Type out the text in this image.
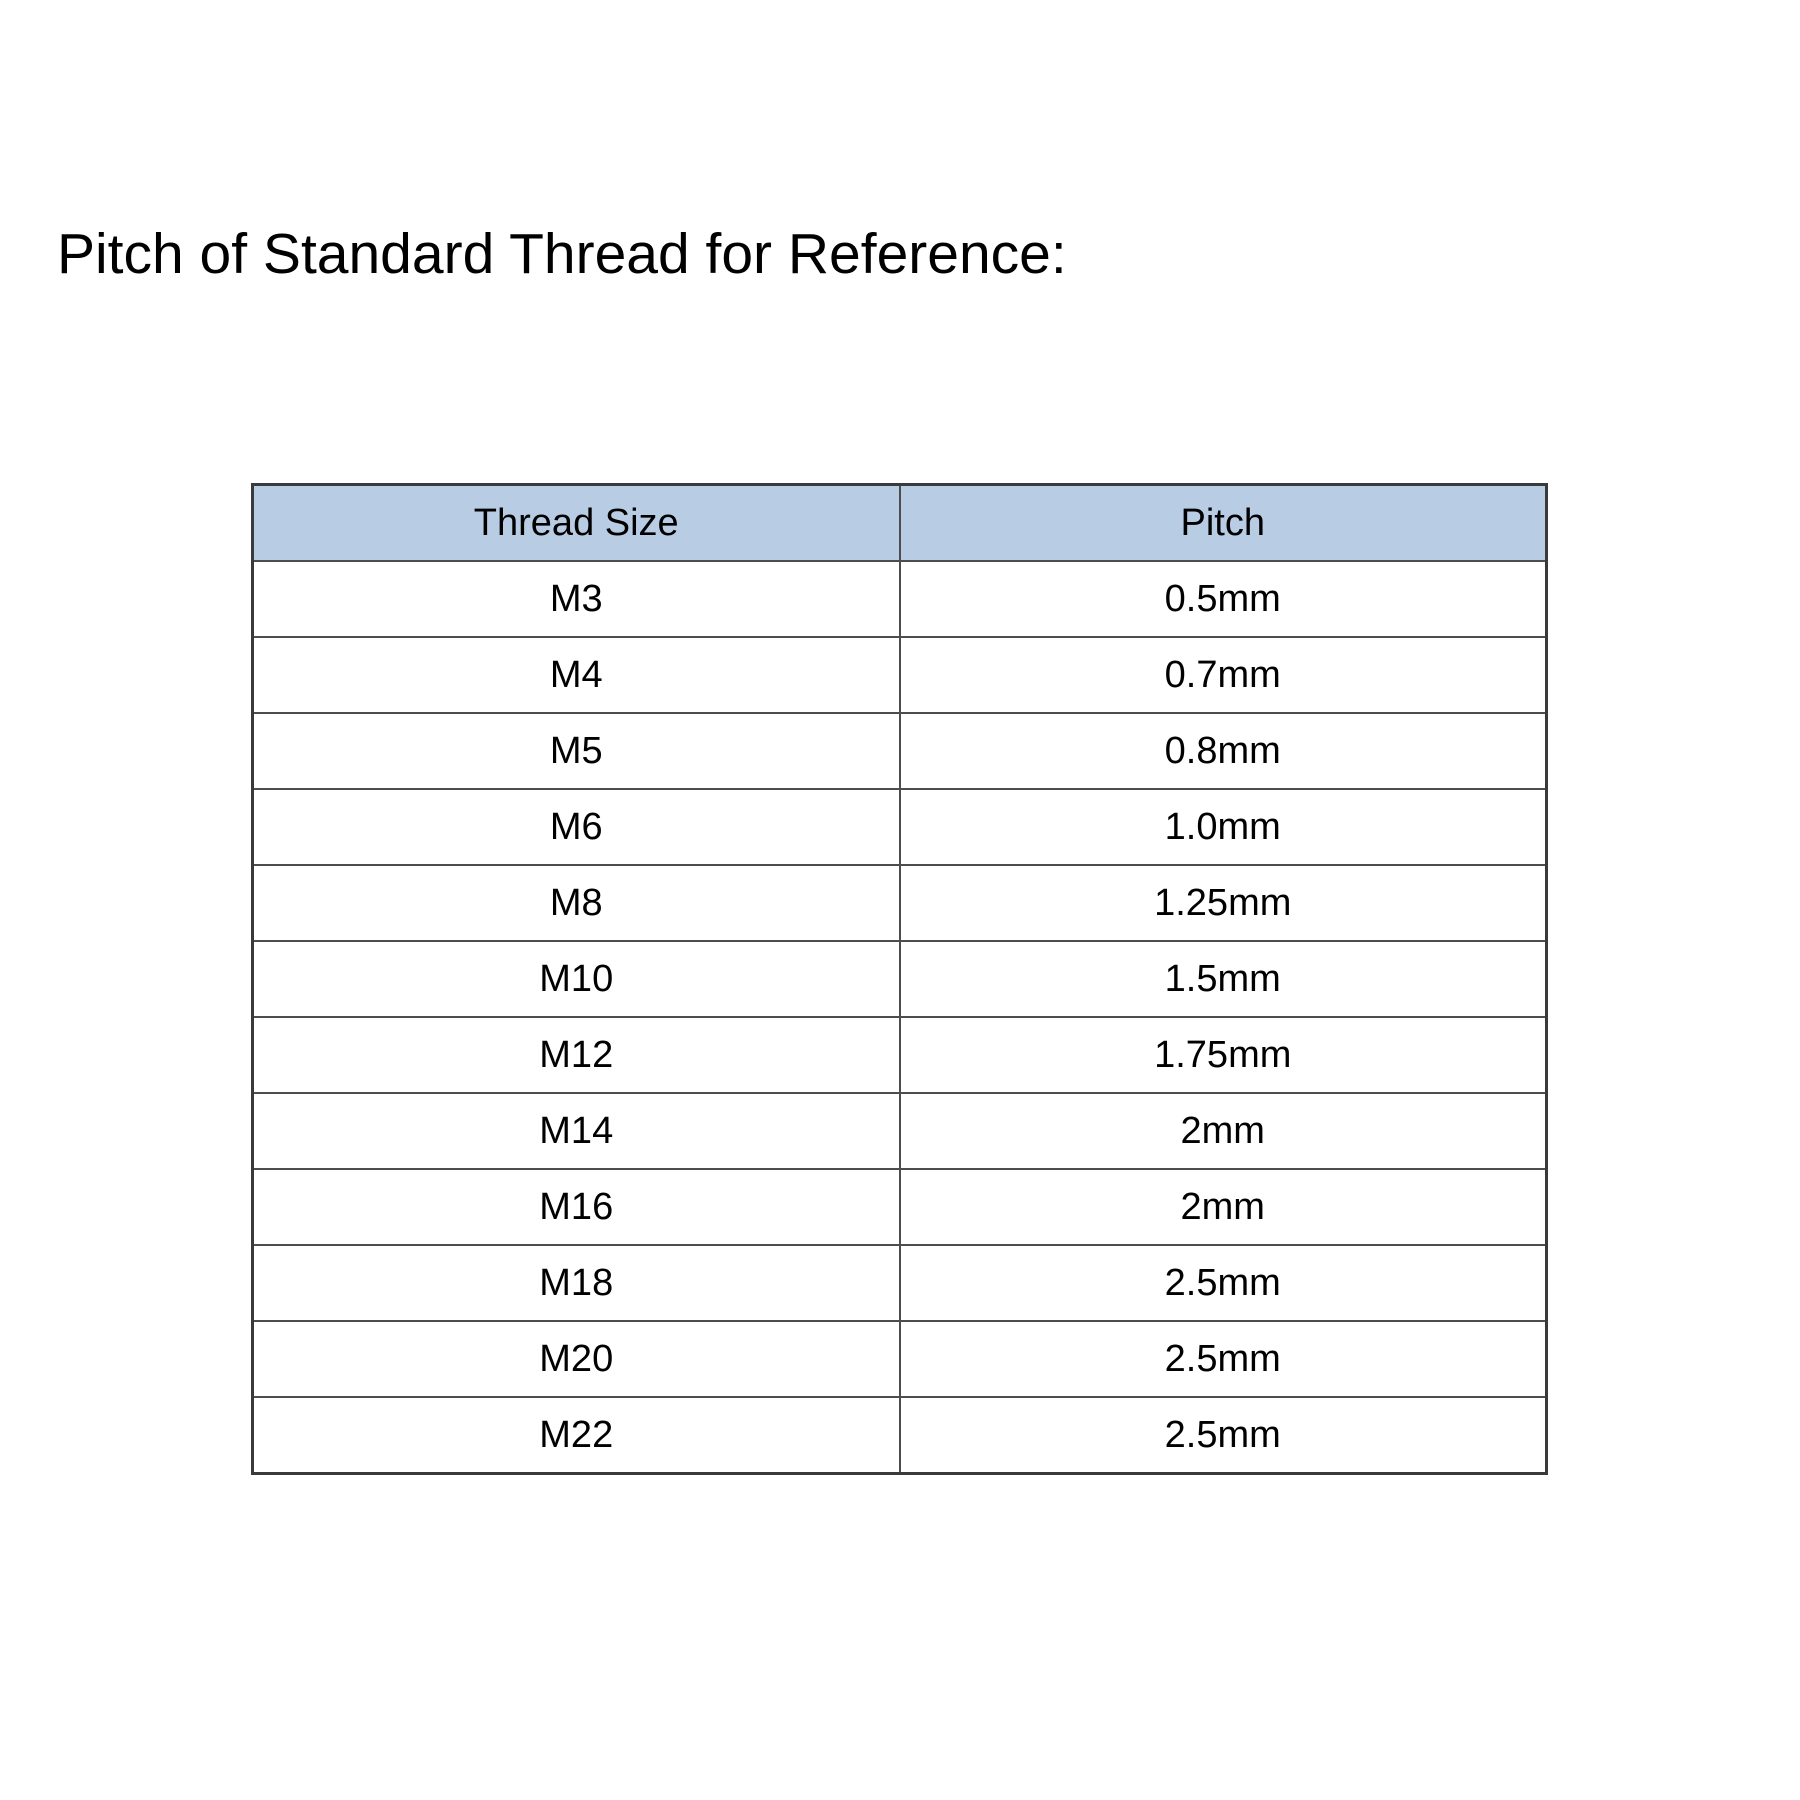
Pitch of Standard Thread for Reference:
Thread Size	Pitch
M3	0.5mm
M4	0.7mm
M5	0.8mm
M6	1.0mm
M8	1.25mm
M10	1.5mm
M12	1.75mm
M14	2mm
M16	2mm
M18	2.5mm
M20	2.5mm
M22	2.5mm
